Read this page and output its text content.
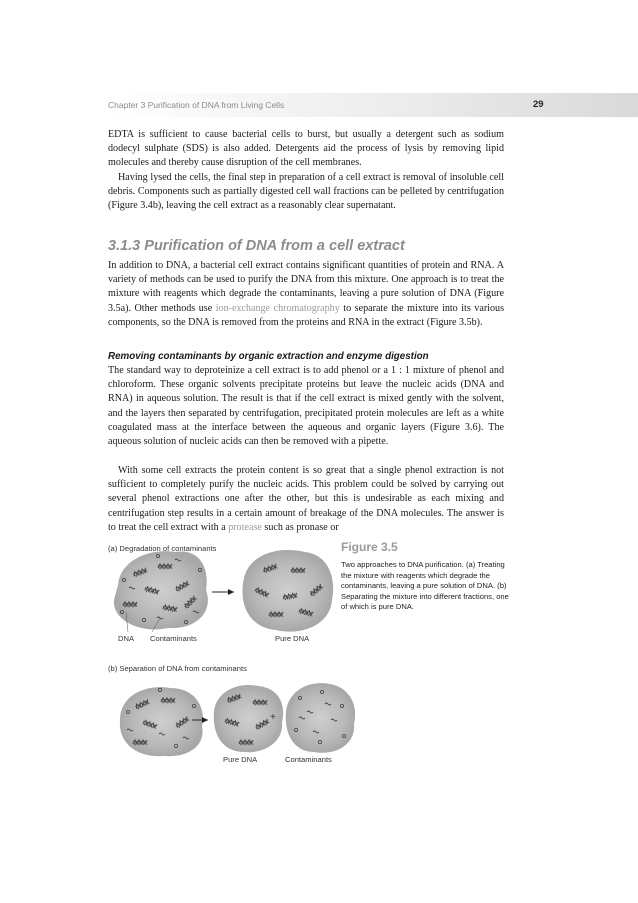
Chapter 3 Purification of DNA from Living Cells	29

EDTA is sufficient to cause bacterial cells to burst, but usually a detergent such as sodium dodecyl sulphate (SDS) is also added. Detergents aid the process of lysis by removing lipid molecules and thereby cause disruption of the cell membranes.

Having lysed the cells, the final step in preparation of a cell extract is removal of insoluble cell debris. Components such as partially digested cell wall fractions can be pelleted by centrifugation (Figure 3.4b), leaving the cell extract as a reasonably clear supernatant.

3.1.3 Purification of DNA from a cell extract

In addition to DNA, a bacterial cell extract contains significant quantities of protein and RNA. A variety of methods can be used to purify the DNA from this mixture. One approach is to treat the mixture with reagents which degrade the contaminants, leaving a pure solution of DNA (Figure 3.5a). Other methods use ion-exchange chromatography to separate the mixture into its various components, so the DNA is removed from the proteins and RNA in the extract (Figure 3.5b).

Removing contaminants by organic extraction and enzyme digestion

The standard way to deproteinize a cell extract is to add phenol or a 1 : 1 mixture of phenol and chloroform. These organic solvents precipitate proteins but leave the nucleic acids (DNA and RNA) in aqueous solution. The result is that if the cell extract is mixed gently with the solvent, and the layers then separated by centrifugation, precipitated protein molecules are left as a white coagulated mass at the interface between the aqueous and organic layers (Figure 3.6). The aqueous solution of nucleic acids can then be removed with a pipette.

With some cell extracts the protein content is so great that a single phenol extraction is not sufficient to completely purify the nucleic acids. This problem could be solved by carrying out several phenol extractions one after the other, but this is undesirable as each mixing and centrifugation step results in a certain amount of breakage of the DNA molecules. The answer is to treat the cell extract with a protease such as pronase or

(a) Degradation of contaminants
DNA Contaminants	Pure DNA
(b) Separation of DNA from contaminants
+
Pure DNA	Contaminants
Figure 3.5

Two approaches to DNA purification. (a) Treating the mixture with reagents which degrade the contaminants, leaving a pure solution of DNA. (b) Separating the mixture into different fractions, one of which is pure DNA.
